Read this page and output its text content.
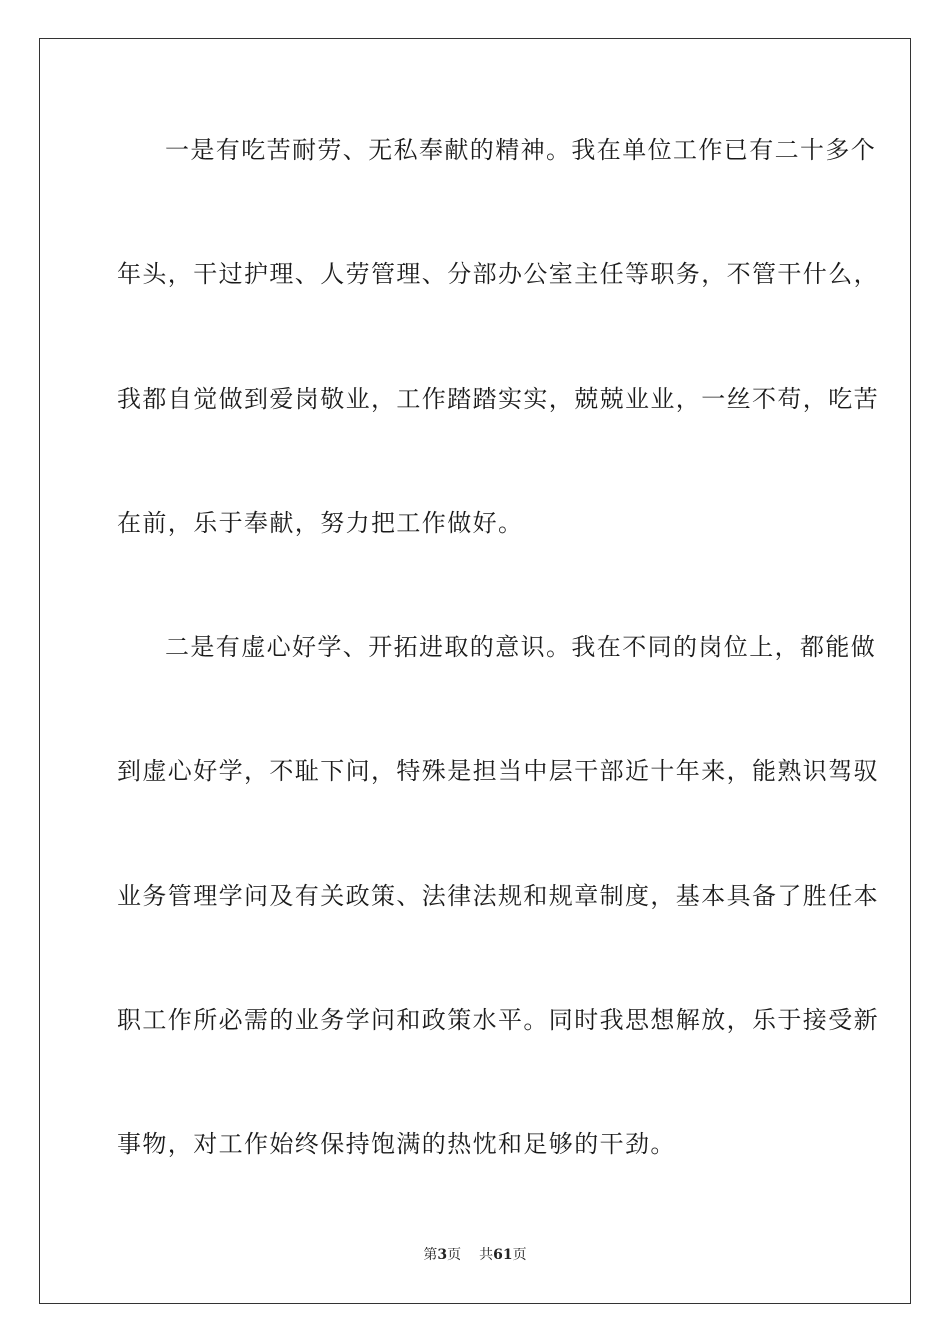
一是有吃苦耐劳、无私奉献的精神。我在单位工作已有二十多个
年头，干过护理、人劳管理、分部办公室主任等职务，不管干什么，
我都自觉做到爱岗敬业，工作踏踏实实，兢兢业业，一丝不苟，吃苦
在前，乐于奉献，努力把工作做好。
二是有虚心好学、开拓进取的意识。我在不同的岗位上，都能做
到虚心好学，不耻下问，特殊是担当中层干部近十年来，能熟识驾驭
业务管理学问及有关政策、法律法规和规章制度，基本具备了胜任本
职工作所必需的业务学问和政策水平。同时我思想解放，乐于接受新
事物，对工作始终保持饱满的热忱和足够的干劲。
第3页 共61页
